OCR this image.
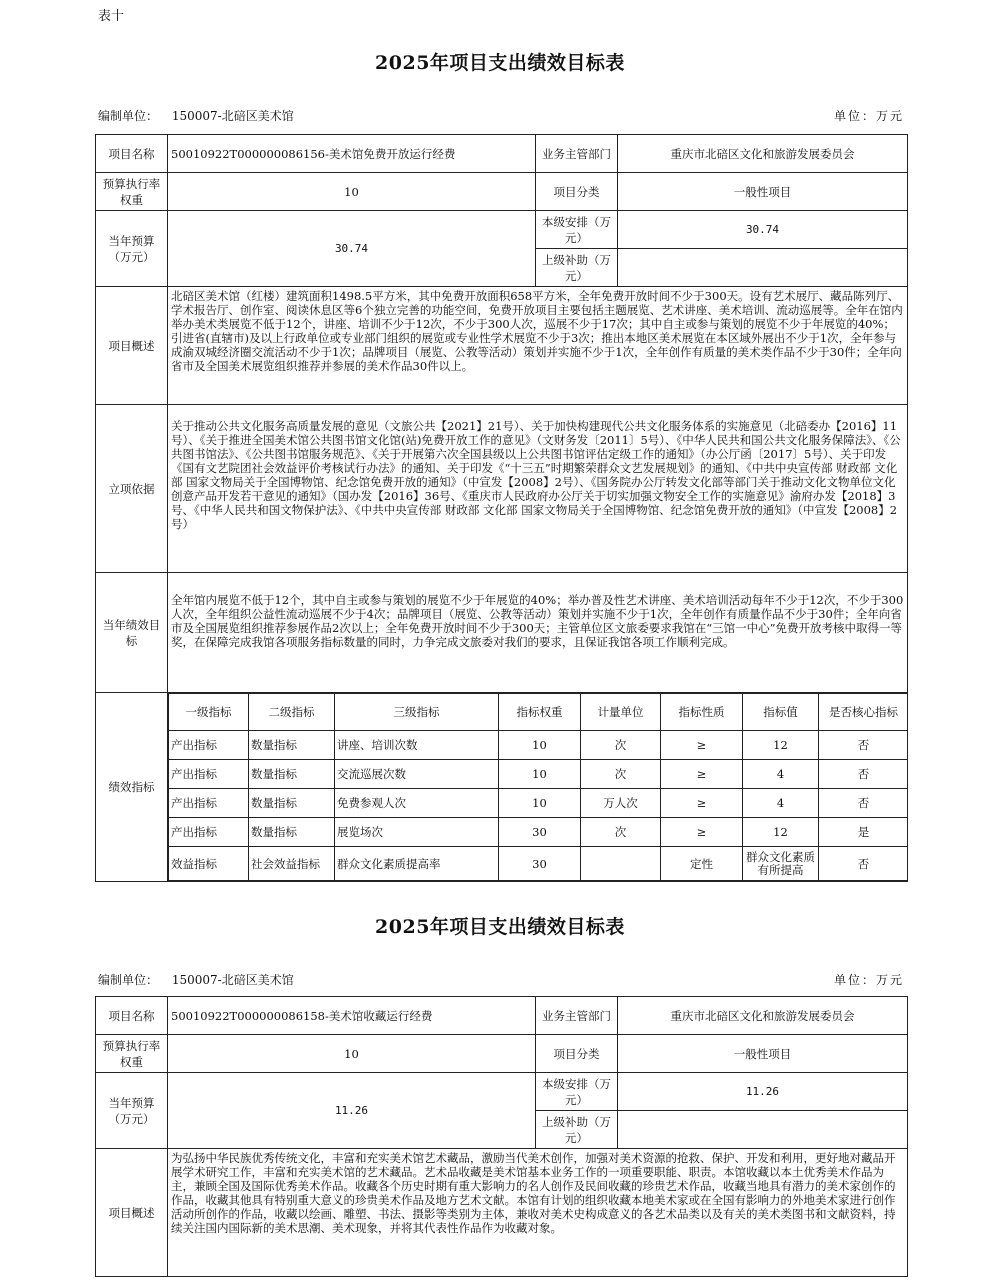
表十
2025年项目支出绩效目标表
编制单位： 150007-北碚区美术馆	单位：万元
项目名称	50010922T000000086156-美术馆免费开放运行经费	业务主管部门	重庆市北碚区文化和旅游发展委员会
预算执行率权重	10	项目分类	一般性项目
当年预算（万元）	30.74	本级安排（万元）	30.74
上级补助（万元）	
项目概述	北碚区美术馆（红楼）建筑面积1498.5平方米，其中免费开放面积658平方米，全年免费开放时间不少于300天。设有艺术展厅、藏品陈列厅、学术报告厅、创作室、阅读休息区等6个独立完善的功能空间，免费开放项目主要包括主题展览、艺术讲座、美术培训、流动巡展等。全年在馆内举办美术类展览不低于12个，讲座、培训不少于12次，不少于300人次，巡展不少于17次；其中自主或参与策划的展览不少于年展览的40%；引进省(直辖市)及以上行政单位或专业部门组织的展览或专业性学术展览不少于3次；推出本地区美术展览在本区域外展出不少于1次，全年参与成渝双城经济圈交流活动不少于1次；品牌项目（展览、公教等活动）策划并实施不少于1次，全年创作有质量的美术类作品不少于30件；全年向省市及全国美术展览组织推荐并参展的美术作品30件以上。
立项依据	关于推动公共文化服务高质量发展的意见（文旅公共【2021】21号）、关于加快构建现代公共文化服务体系的实施意见（北碚委办【2016】11号）、《关于推进全国美术馆公共图书馆文化馆(站)免费开放工作的意见》（文财务发〔2011〕5号）、《中华人民共和国公共文化服务保障法》、《公共图书馆法》、《公共图书馆服务规范》、《关于开展第六次全国县级以上公共图书馆评估定级工作的通知》（办公厅函〔2017〕5号）、关于印发《国有文艺院团社会效益评价考核试行办法》的通知、关于印发《“十三五”时期繁荣群众文艺发展规划》的通知、《中共中央宣传部 财政部 文化部 国家文物局关于全国博物馆、纪念馆免费开放的通知》（中宣发【2008】2号）、《国务院办公厅转发文化部等部门关于推动文化文物单位文化创意产品开发若干意见的通知》（国办发【2016】36号、《重庆市人民政府办公厅关于切实加强文物安全工作的实施意见》渝府办发【2018】3号、《中华人民共和国文物保护法》、《中共中央宣传部 财政部 文化部 国家文物局关于全国博物馆、纪念馆免费开放的通知》（中宣发【2008】2号）
当年绩效目标	全年馆内展览不低于12个，其中自主或参与策划的展览不少于年展览的40%；举办普及性艺术讲座、美术培训活动每年不少于12次，不少于300人次，全年组织公益性流动巡展不少于4次；品牌项目（展览、公教等活动）策划并实施不少于1次，全年创作有质量作品不少于30件；全年向省市及全国展览组织推荐参展作品2次以上；全年免费开放时间不少于300天；主管单位区文旅委要求我馆在“三馆一中心”免费开放考核中取得一等奖，在保障完成我馆各项服务指标数量的同时，力争完成文旅委对我们的要求，且保证我馆各项工作顺利完成。
绩效指标	
一级指标	二级指标	三级指标	指标权重	计量单位	指标性质	指标值	是否核心指标
产出指标	数量指标	讲座、培训次数	10	次	≥	12	否
产出指标	数量指标	交流巡展次数	10	次	≥	4	否
产出指标	数量指标	免费参观人次	10	万人次	≥	4	否
产出指标	数量指标	展览场次	30	次	≥	12	是
效益指标	社会效益指标	群众文化素质提高率	30		定性	群众文化素质有所提高	否
2025年项目支出绩效目标表
编制单位： 150007-北碚区美术馆	单位：万元
项目名称	50010922T000000086158-美术馆收藏运行经费	业务主管部门	重庆市北碚区文化和旅游发展委员会
预算执行率权重	10	项目分类	一般性项目
当年预算（万元）	11.26	本级安排（万元）	11.26
		上级补助（万元）	
项目概述	为弘扬中华民族优秀传统文化，丰富和充实美术馆艺术藏品，激励当代美术创作，加强对美术资源的抢救、保护、开发和利用，更好地对藏品开展学术研究工作，丰富和充实美术馆的艺术藏品。艺术品收藏是美术馆基本业务工作的一项重要职能、职责。本馆收藏以本土优秀美术作品为主，兼顾全国及国际优秀美术作品。收藏各个历史时期有重大影响力的名人创作及民间收藏的珍贵艺术作品，收藏当地具有潜力的美术家创作的作品，收藏其他具有特别重大意义的珍贵美术作品及地方艺术文献。本馆有计划的组织收藏本地美术家或在全国有影响力的外地美术家进行创作活动所创作的作品，收藏以绘画、雕塑、书法、摄影等类别为主体，兼收对美术史构成意义的各艺术品类以及有关的美术类图书和文献资料，持续关注国内国际新的美术思潮、美术现象，并将其代表性作品作为收藏对象。		
